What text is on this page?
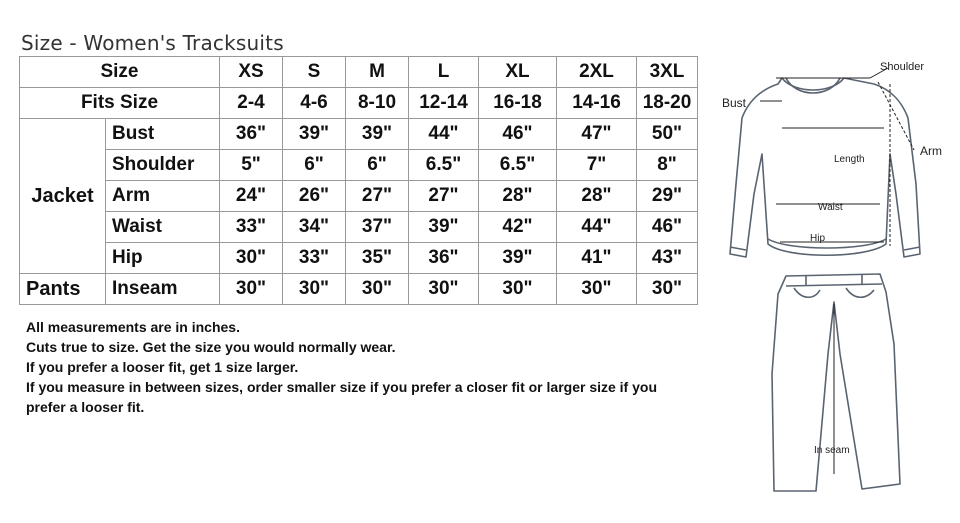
Size - Women's Tracksuits
Size		XS	S	M	L	XL	2XL	3XL
Fits Size		2-4	4-6	8-10	12-14	16-18	14-16	18-20
Jacket	Bust	36"	39"	39"	44"	46"	47"	50"
	Shoulder	5"	6"	6"	6.5"	6.5"	7"	8"
	Arm	24"	26"	27"	27"	28"	28"	29"
	Waist	33"	34"	37"	39"	42"	44"	46"
	Hip	30"	33"	35"	36"	39"	41"	43"
Pants	Inseam	30"	30"	30"	30"	30"	30"	30"
All measurements are in inches.
Cuts true to size. Get the size you would normally wear.
If you prefer a looser fit, get 1 size larger.
If you measure in between sizes, order smaller size if you prefer a closer fit or larger size if you
prefer a looser fit.
Shoulder
Bust
Arm
Length
Waist
Hip
In seam
